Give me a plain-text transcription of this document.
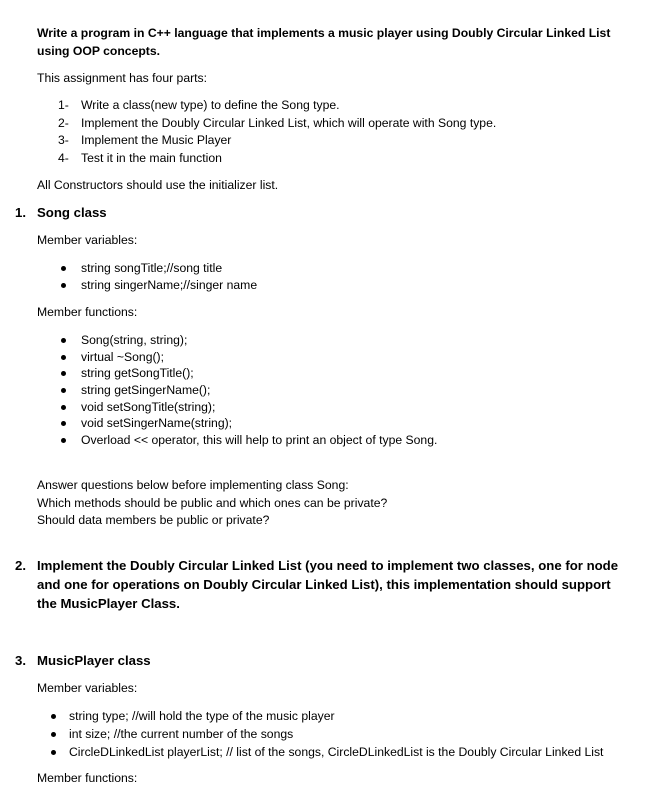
Write a program in C++ language that implements a music player using Doubly Circular Linked List
using OOP concepts.
This assignment has four parts:
1- Write a class(new type) to define the Song type.
2- Implement the Doubly Circular Linked List, which will operate with Song type.
3- Implement the Music Player
4- Test it in the main function
All Constructors should use the initializer list.
1. Song class
Member variables:
string songTitle;//song title
string singerName;//singer name
Member functions:
Song(string, string);
virtual ~Song();
string getSongTitle();
string getSingerName();
void setSongTitle(string);
void setSingerName(string);
Overload << operator, this will help to print an object of type Song.
Answer questions below before implementing class Song:
Which methods should be public and which ones can be private?
Should data members be public or private?
2. Implement the Doubly Circular Linked List (you need to implement two classes, one for node
and one for operations on Doubly Circular Linked List), this implementation should support
the MusicPlayer Class.
3. MusicPlayer class
Member variables:
string type; //will hold the type of the music player
int size; //the current number of the songs
CircleDLinkedList playerList; // list of the songs, CircleDLinkedList is the Doubly Circular Linked List
Member functions:
